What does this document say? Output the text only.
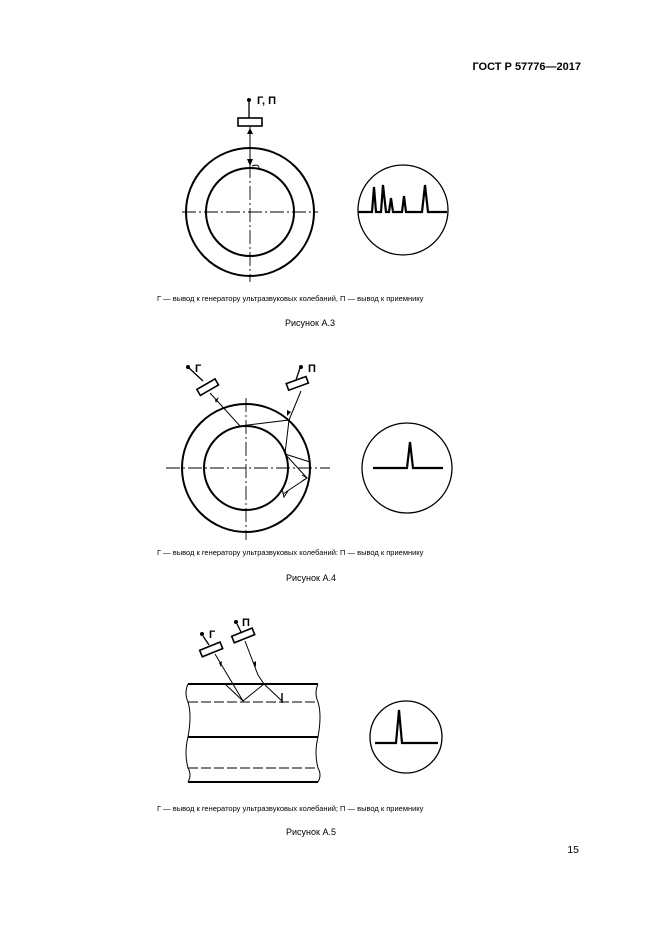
ГОСТ Р 57776—2017
Г, П
Г — вывод к генератору ультразвуковых колебаний, П — вывод к приемнику
Рисунок А.3
Г	П
Г — вывод к генератору ультразвуковых колебаний: П — вывод к приемнику
Рисунок А.4
Г
П
Г — вывод к генератору ультразвуковых колебаний; П — вывод к приемнику
Рисунок А.5
15
